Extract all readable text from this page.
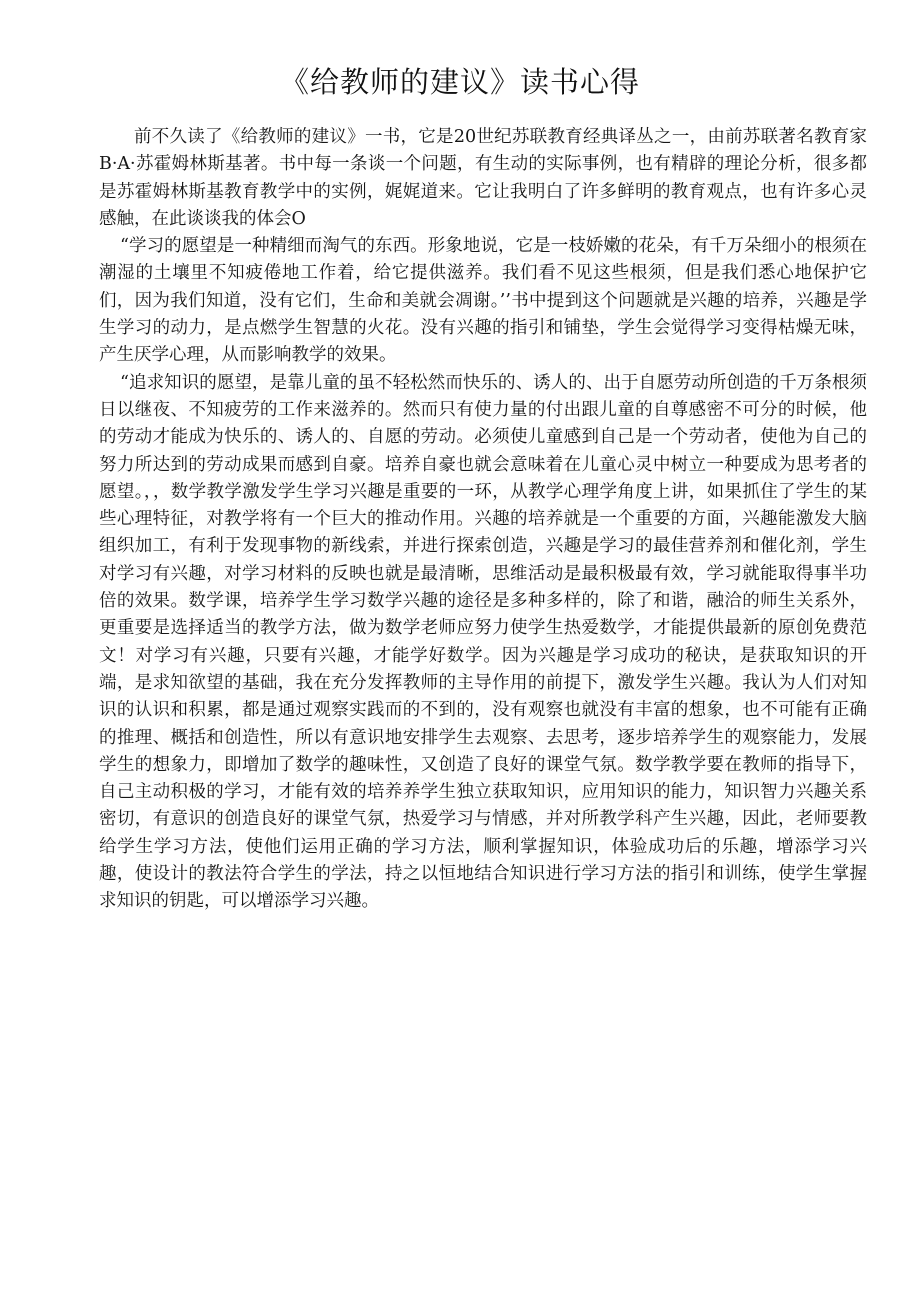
《给教师的建议》读书心得

前不久读了《给教师的建议》一书，它是20世纪苏联教育经典译丛之一，由前苏联著名教育家B·A·苏霍姆林斯基著。书中每一条谈一个问题，有生动的实际事例，也有精辟的理论分析，很多都是苏霍姆林斯基教育教学中的实例，娓娓道来。它让我明白了许多鲜明的教育观点，也有许多心灵感触，在此谈谈我的体会O

“学习的愿望是一种精细而淘气的东西。形象地说，它是一枝娇嫩的花朵，有千万朵细小的根须在潮湿的土壤里不知疲倦地工作着，给它提供滋养。我们看不见这些根须，但是我们悉心地保护它们，因为我们知道，没有它们，生命和美就会凋谢。’’书中提到这个问题就是兴趣的培养，兴趣是学生学习的动力，是点燃学生智慧的火花。没有兴趣的指引和铺垫，学生会觉得学习变得枯燥无味，产生厌学心理，从而影响教学的效果。

“追求知识的愿望，是靠儿童的虽不轻松然而快乐的、诱人的、出于自愿劳动所创造的千万条根须日以继夜、不知疲劳的工作来滋养的。然而只有使力量的付出跟儿童的自尊感密不可分的时候，他的劳动才能成为快乐的、诱人的、自愿的劳动。必须使儿童感到自己是一个劳动者，使他为自己的努力所达到的劳动成果而感到自豪。培养自豪也就会意味着在儿童心灵中树立一种要成为思考者的愿望。，，数学教学激发学生学习兴趣是重要的一环，从教学心理学角度上讲，如果抓住了学生的某些心理特征，对教学将有一个巨大的推动作用。兴趣的培养就是一个重要的方面，兴趣能激发大脑组织加工，有利于发现事物的新线索，并进行探索创造，兴趣是学习的最佳营养剂和催化剂，学生对学习有兴趣，对学习材料的反映也就是最清晰，思维活动是最积极最有效，学习就能取得事半功倍的效果。数学课，培养学生学习数学兴趣的途径是多种多样的，除了和谐，融洽的师生关系外，更重要是选择适当的教学方法，做为数学老师应努力使学生热爱数学，才能提供最新的原创免费范文！对学习有兴趣，只要有兴趣，才能学好数学。因为兴趣是学习成功的秘诀，是获取知识的开端，是求知欲望的基础，我在充分发挥教师的主导作用的前提下，激发学生兴趣。我认为人们对知识的认识和积累，都是通过观察实践而的不到的，没有观察也就没有丰富的想象，也不可能有正确的推理、概括和创造性，所以有意识地安排学生去观察、去思考，逐步培养学生的观察能力，发展学生的想象力，即增加了数学的趣味性，又创造了良好的课堂气氛。数学教学要在教师的指导下，自己主动积极的学习，才能有效的培养养学生独立获取知识，应用知识的能力，知识智力兴趣关系密切，有意识的创造良好的课堂气氛，热爱学习与情感，并对所教学科产生兴趣，因此，老师要教给学生学习方法，使他们运用正确的学习方法，顺利掌握知识，体验成功后的乐趣，增添学习兴趣，使设计的教法符合学生的学法，持之以恒地结合知识进行学习方法的指引和训练，使学生掌握求知识的钥匙，可以增添学习兴趣。
